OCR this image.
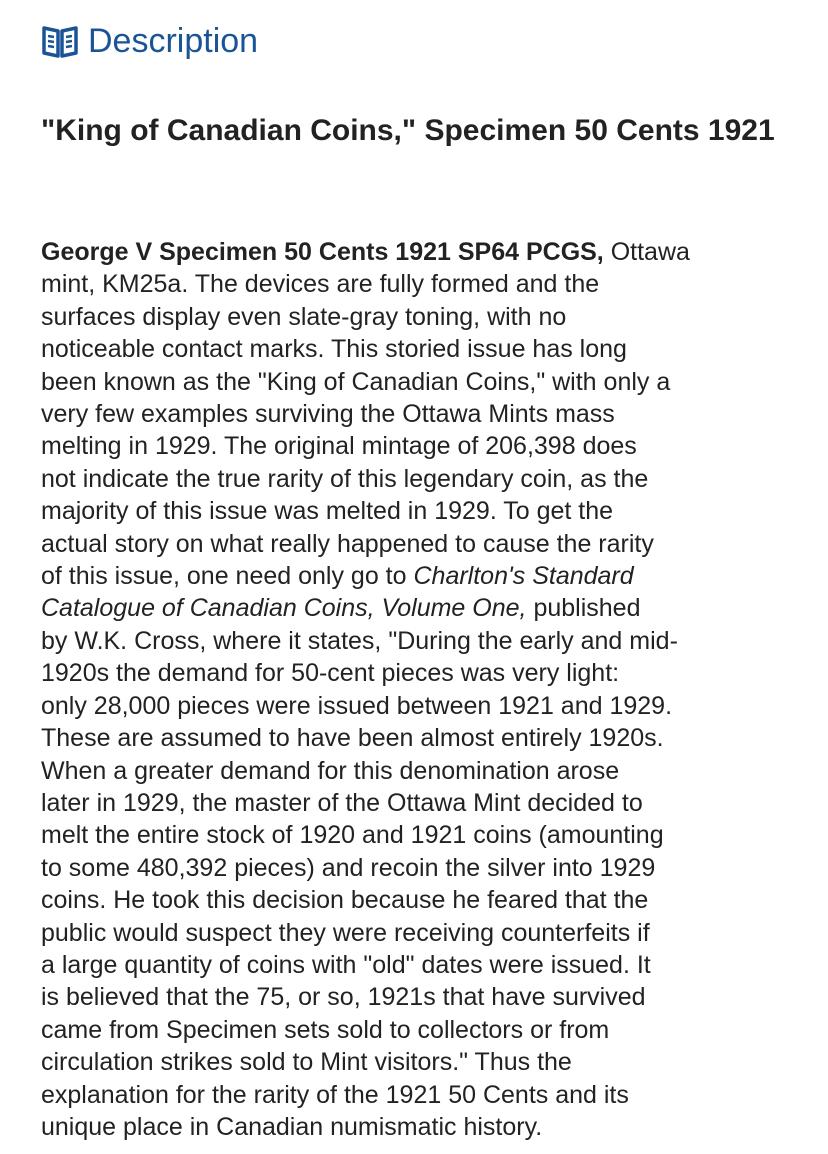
Description
"King of Canadian Coins," Specimen 50 Cents 1921
George V Specimen 50 Cents 1921 SP64 PCGS, Ottawa
mint, KM25a. The devices are fully formed and the
surfaces display even slate-gray toning, with no
noticeable contact marks. This storied issue has long
been known as the "King of Canadian Coins," with only a
very few examples surviving the Ottawa Mints mass
melting in 1929. The original mintage of 206,398 does
not indicate the true rarity of this legendary coin, as the
majority of this issue was melted in 1929. To get the
actual story on what really happened to cause the rarity
of this issue, one need only go to Charlton's Standard
Catalogue of Canadian Coins, Volume One, published
by W.K. Cross, where it states, "During the early and mid-
1920s the demand for 50-cent pieces was very light:
only 28,000 pieces were issued between 1921 and 1929.
These are assumed to have been almost entirely 1920s.
When a greater demand for this denomination arose
later in 1929, the master of the Ottawa Mint decided to
melt the entire stock of 1920 and 1921 coins (amounting
to some 480,392 pieces) and recoin the silver into 1929
coins. He took this decision because he feared that the
public would suspect they were receiving counterfeits if
a large quantity of coins with "old" dates were issued. It
is believed that the 75, or so, 1921s that have survived
came from Specimen sets sold to collectors or from
circulation strikes sold to Mint visitors." Thus the
explanation for the rarity of the 1921 50 Cents and its
unique place in Canadian numismatic history.
